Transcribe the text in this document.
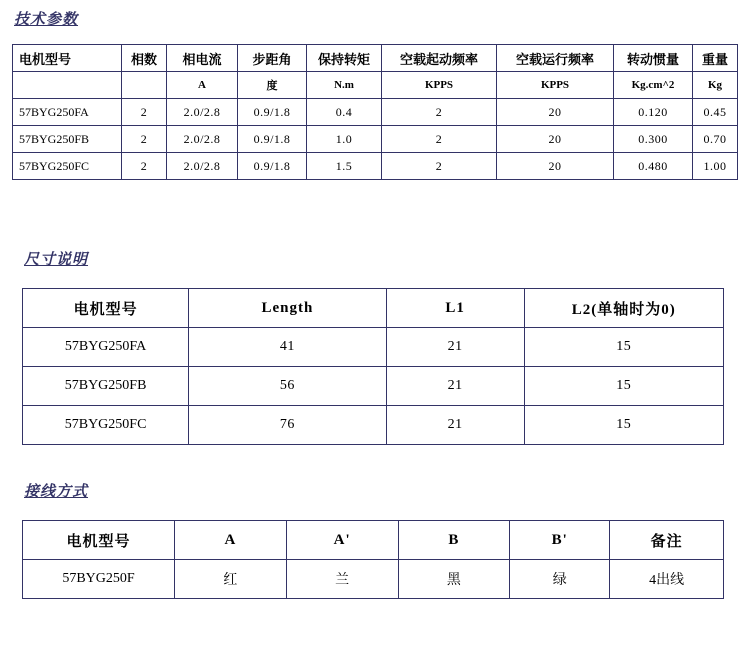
技术参数
电机型号	相数	相电流	步距角	保持转矩	空载起动频率	空载运行频率	转动惯量	重量
		A	度	N.m	KPPS	KPPS	Kg.cm^2	Kg
57BYG250FA	2	2.0/2.8	0.9/1.8	0.4	2	20	0.120	0.45
57BYG250FB	2	2.0/2.8	0.9/1.8	1.0	2	20	0.300	0.70
57BYG250FC	2	2.0/2.8	0.9/1.8	1.5	2	20	0.480	1.00
尺寸说明
电机型号	Length	L1	L2(单轴时为0)
57BYG250FA	41	21	15
57BYG250FB	56	21	15
57BYG250FC	76	21	15
接线方式
电机型号	A	A'	B	B'	备注
57BYG250F	红	兰	黑	绿	4出线
